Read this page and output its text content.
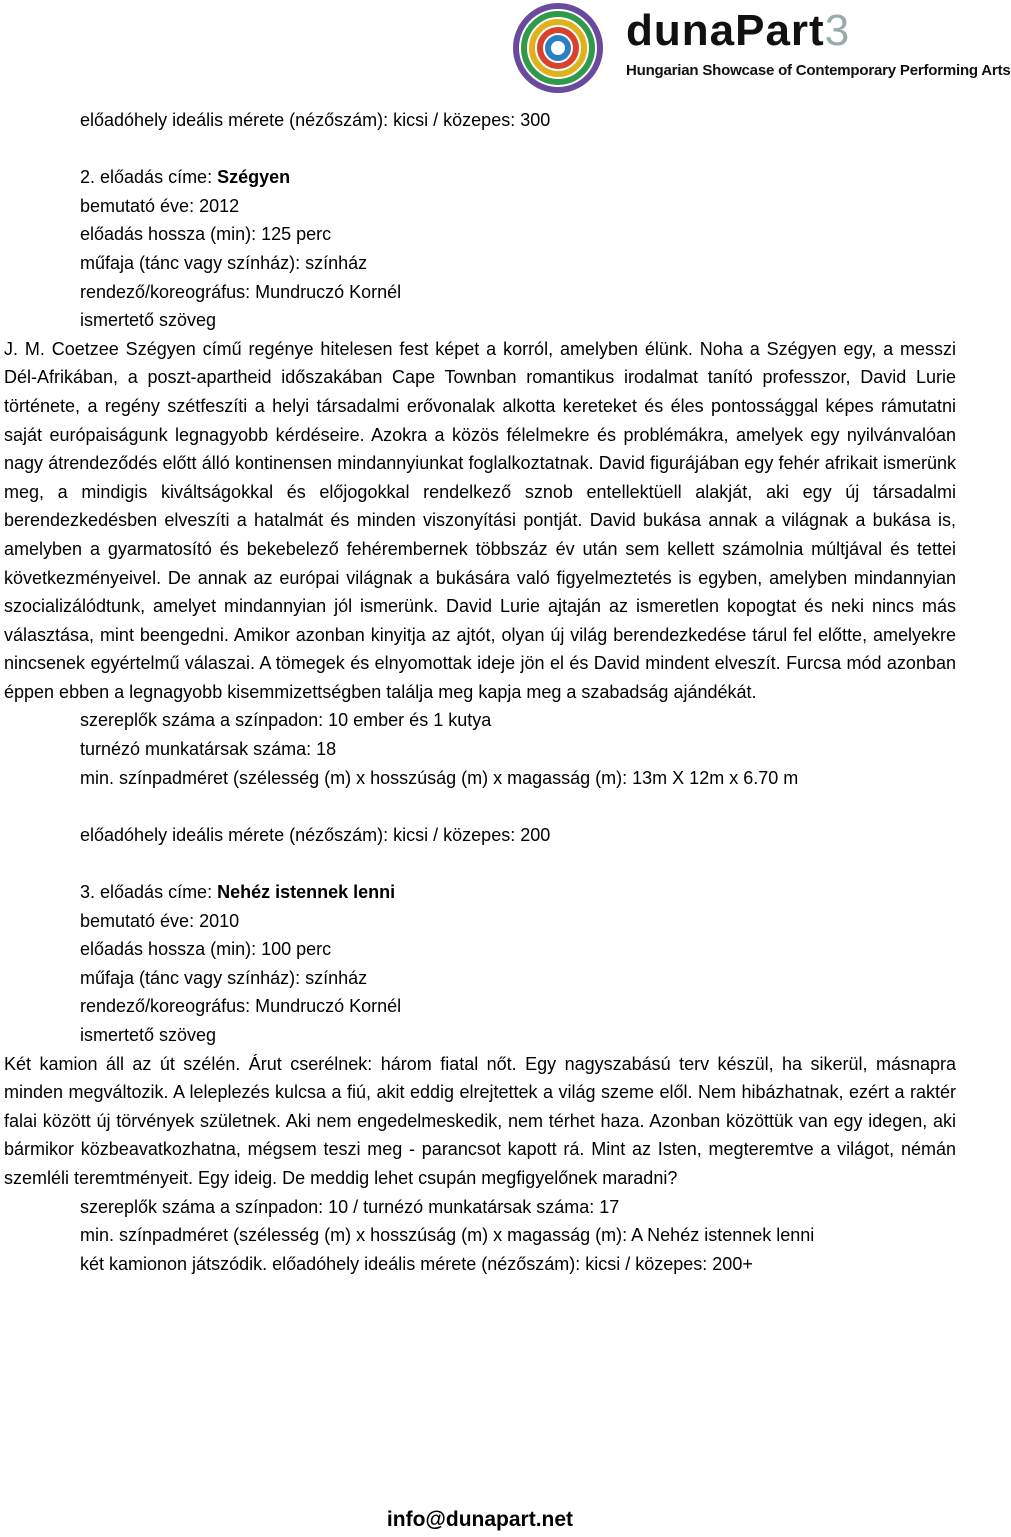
dunaPart3
Hungarian Showcase of Contemporary Performing Arts
előadóhely ideális mérete (nézőszám): kicsi / közepes: 300
2. előadás címe: Szégyen
bemutató éve: 2012
előadás hossza (min): 125 perc
műfaja (tánc vagy színház): színház
rendező/koreográfus: Mundruczó Kornél
ismertető szöveg
J. M. Coetzee Szégyen című regénye hitelesen fest képet a korról, amelyben élünk. Noha a Szégyen egy, a messzi Dél-Afrikában, a poszt-apartheid időszakában Cape Townban romantikus irodalmat tanító professzor, David Lurie története, a regény szétfeszíti a helyi társadalmi erővonalak alkotta kereteket és éles pontossággal képes rámutatni saját európaiságunk legnagyobb kérdéseire. Azokra a közös félelmekre és problémákra, amelyek egy nyilvánvalóan nagy átrendeződés előtt álló kontinensen mindannyiunkat foglalkoztatnak. David figurájában egy fehér afrikait ismerünk meg, a mindigis kiváltságokkal és előjogokkal rendelkező sznob entellektüell alakját, aki egy új társadalmi berendezkedésben elveszíti a hatalmát és minden viszonyítási pontját. David bukása annak a világnak a bukása is, amelyben a gyarmatosító és bekebelező fehérembernek többszáz év után sem kellett számolnia múltjával és tettei következményeivel. De annak az európai világnak a bukására való figyelmeztetés is egyben, amelyben mindannyian szocializálódtunk, amelyet mindannyian jól ismerünk. David Lurie ajtaján az ismeretlen kopogtat és neki nincs más választása, mint beengedni. Amikor azonban kinyitja az ajtót, olyan új világ berendezkedése tárul fel előtte, amelyekre nincsenek egyértelmű válaszai. A tömegek és elnyomottak ideje jön el és David mindent elveszít. Furcsa mód azonban éppen ebben a legnagyobb kisemmizettségben találja meg kapja meg a szabadság ajándékát.
szereplők száma a színpadon: 10 ember és 1 kutya
turnézó munkatársak száma: 18
min. színpadméret (szélesség (m) x hosszúság (m) x magasság (m): 13m X 12m x 6.70 m
előadóhely ideális mérete (nézőszám): kicsi / közepes: 200
3. előadás címe: Nehéz istennek lenni
bemutató éve: 2010
előadás hossza (min): 100 perc
műfaja (tánc vagy színház): színház
rendező/koreográfus: Mundruczó Kornél
ismertető szöveg
Két kamion áll az út szélén. Árut cserélnek: három fiatal nőt. Egy nagyszabású terv készül, ha sikerül, másnapra minden megváltozik. A leleplezés kulcsa a fiú, akit eddig elrejtettek a világ szeme elől. Nem hibázhatnak, ezért a raktér falai között új törvények születnek. Aki nem engedelmeskedik, nem térhet haza. Azonban közöttük van egy idegen, aki bármikor közbeavatkozhatna, mégsem teszi meg - parancsot kapott rá. Mint az Isten, megteremtve a világot, némán szemléli teremtményeit. Egy ideig. De meddig lehet csupán megfigyelőnek maradni?
szereplők száma a színpadon: 10 / turnézó munkatársak száma: 17
min. színpadméret (szélesség (m) x hosszúság (m) x magasság (m): A Nehéz istennek lenni
két kamionon játszódik. előadóhely ideális mérete (nézőszám): kicsi / közepes: 200+
info@dunapart.net
